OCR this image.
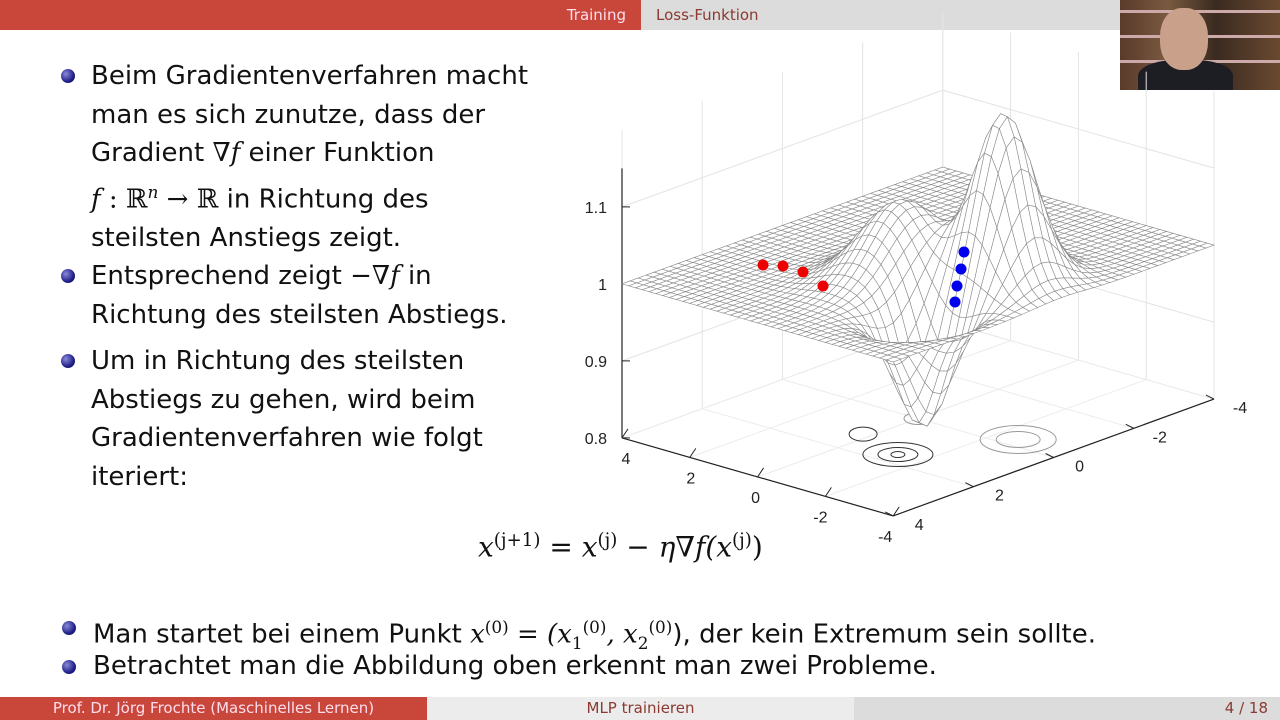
Training	Loss-Funktion
Beim Gradientenverfahren macht
man es sich zunutze, dass der
Gradient ∇f einer Funktion
f : ℝ$^n$ → ℝ in Richtung des
steilsten Anstiegs zeigt.
Entsprechend zeigt −∇f in
Richtung des steilsten Abstiegs.
Um in Richtung des steilsten
Abstiegs zu gehen, wird beim
Gradientenverfahren wie folgt
iteriert:
0.8
0.9
1
1.1
4
2
0
-2
-4
-4
-2
0
2
4
$x^{(j+1)} = x^{(j)} - \eta\nabla f(x^{(j)})$
Man startet bei einem Punkt $x^{(0)} = (x_1^{(0)}$, $x_2^{(0)}$), der kein Extremum sein sollte.
Betrachtet man die Abbildung oben erkennt man zwei Probleme.
Prof. Dr. Jörg Frochte (Maschinelles Lernen)	MLP trainieren	4 / 18
